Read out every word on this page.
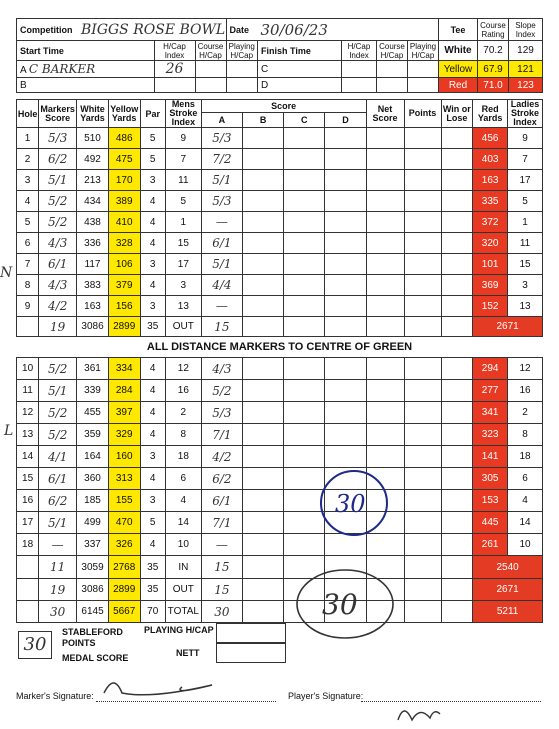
Competition	BIGGS ROSE BOWL			Date	30/06/23				Tee	Course Rating	Slope Index
Start Time		H/Cap Index	Course H/Cap	Playing H/Cap	Finish Time	H/Cap Index	Course H/Cap	Playing H/Cap	White	70.2	129
A C BARKER		26			C				Yellow	67.9	121
B					D				Red	71.0	123
Hole	Markers Score	White Yards	Yellow Yards	Par	Mens Stroke Index	Score				Net Score	Points	Win or Lose	Red Yards	Ladies Stroke Index
						A	B	C	D					
1	5/3	510	486	5	9	5/3							456	9
2	6/2	492	475	5	7	7/2							403	7
3	5/1	213	170	3	11	5/1							163	17
4	5/2	434	389	4	5	5/3							335	5
5	5/2	438	410	4	1	—							372	1
6	4/3	336	328	4	15	6/1							320	11
7	6/1	117	106	3	17	5/1							101	15
8	4/3	383	379	4	3	4/4							369	3
9	4/2	163	156	3	13	—							152	13
	19	3086	2899	35	OUT	15							2671	
ALL DISTANCE MARKERS TO CENTRE OF GREEN														
10	5/2	361	334	4	12	4/3							294	12
11	5/1	339	284	4	16	5/2							277	16
12	5/2	455	397	4	2	5/3							341	2
13	5/2	359	329	4	8	7/1							323	8
14	4/1	164	160	3	18	4/2							141	18
15	6/1	360	313	4	6	6/2							305	6
16	6/2	185	155	3	4	6/1							153	4
17	5/1	499	470	5	14	7/1							445	14
18	—	337	326	4	10	—							261	10
	11	3059	2768	35	IN	15							2540	
	19	3086	2899	35	OUT	15							2671	
	30	6145	5667	70	TOTAL	30							5211	
30
STABLEFORD POINTS
MEDAL SCORE
PLAYING H/CAP
NETT
Marker's Signature:	Player's Signature:
N
L
30
30
